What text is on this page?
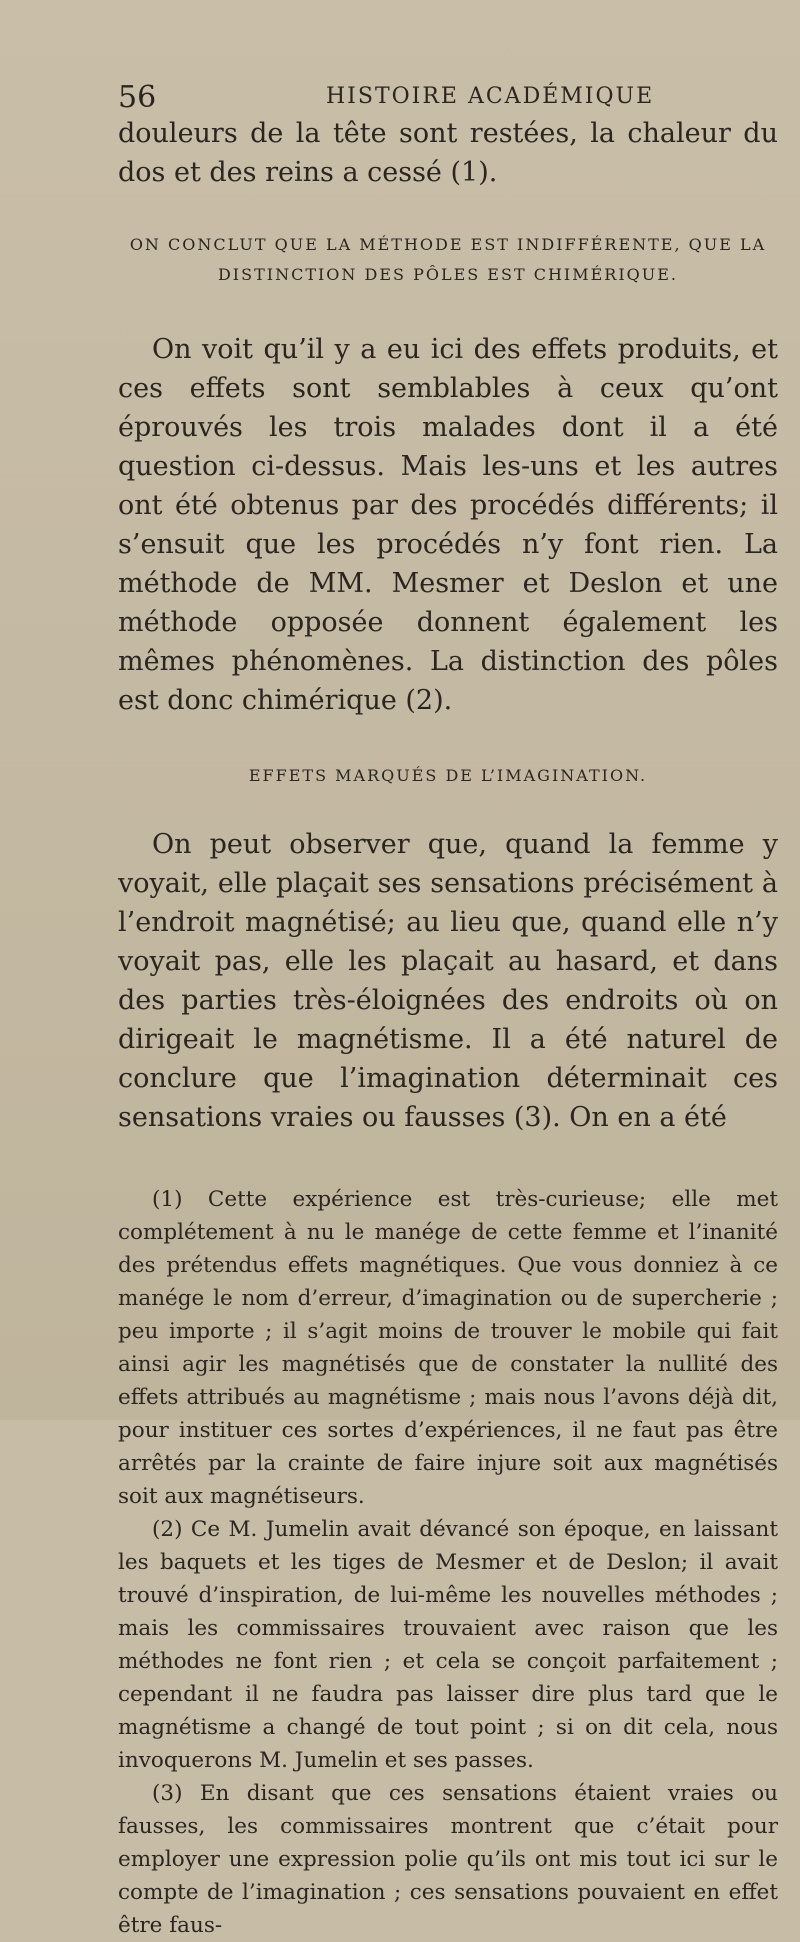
56	HISTOIRE ACADÉMIQUE

douleurs de la tête sont restées, la chaleur du dos et des reins a cessé (1).

ON CONCLUT QUE LA MÉTHODE EST INDIFFÉRENTE, QUE LA DISTINCTION DES PÔLES EST CHIMÉRIQUE.

On voit qu’il y a eu ici des effets produits, et ces effets sont semblables à ceux qu’ont éprouvés les trois malades dont il a été question ci-dessus. Mais les-uns et les autres ont été obtenus par des procédés différents; il s’ensuit que les procédés n’y font rien. La méthode de MM. Mesmer et Deslon et une méthode opposée donnent également les mêmes phénomènes. La distinction des pôles est donc chimérique (2).

EFFETS MARQUÉS DE L’IMAGINATION.

On peut observer que, quand la femme y voyait, elle plaçait ses sensations précisément à l’endroit magnétisé; au lieu que, quand elle n’y voyait pas, elle les plaçait au hasard, et dans des parties très-éloignées des endroits où on dirigeait le magnétisme. Il a été naturel de conclure que l’imagination déterminait ces sensations vraies ou fausses (3). On en a été

(1) Cette expérience est très-curieuse; elle met complétement à nu le manége de cette femme et l’inanité des prétendus effets magnétiques. Que vous donniez à ce manége le nom d’erreur, d’imagination ou de supercherie ; peu importe ; il s’agit moins de trouver le mobile qui fait ainsi agir les magnétisés que de constater la nullité des effets attribués au magnétisme ; mais nous l’avons déjà dit, pour instituer ces sortes d’expériences, il ne faut pas être arrêtés par la crainte de faire injure soit aux magnétisés soit aux magnétiseurs.

(2) Ce M. Jumelin avait dévancé son époque, en laissant les baquets et les tiges de Mesmer et de Deslon; il avait trouvé d’inspiration, de lui-même les nouvelles méthodes ; mais les commissaires trouvaient avec raison que les méthodes ne font rien ; et cela se conçoit parfaitement ; cependant il ne faudra pas laisser dire plus tard que le magnétisme a changé de tout point ; si on dit cela, nous invoquerons M. Jumelin et ses passes.

(3) En disant que ces sensations étaient vraies ou fausses, les commissaires montrent que c’était pour employer une expression polie qu’ils ont mis tout ici sur le compte de l’imagination ; ces sensations pouvaient en effet être faus-
